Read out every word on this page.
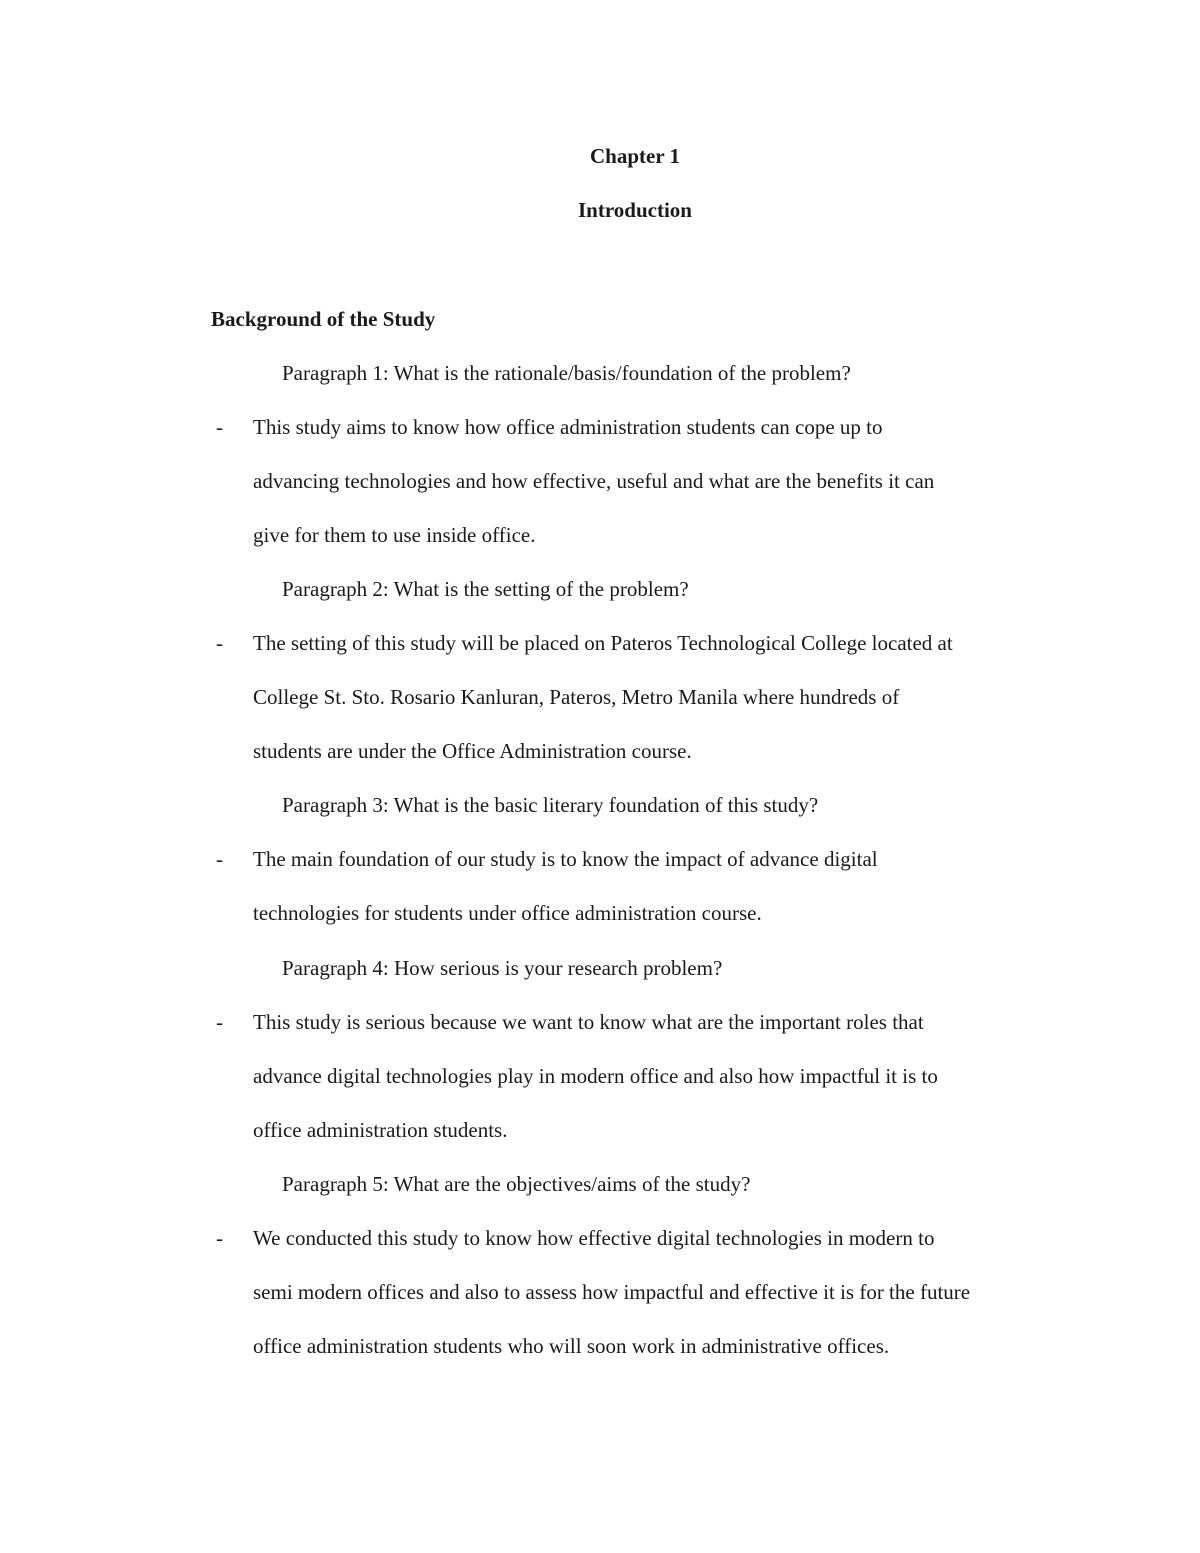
Chapter 1
Introduction
Background of the Study
Paragraph 1: What is the rationale/basis/foundation of the problem?
- This study aims to know how office administration students can cope up to
advancing technologies and how effective, useful and what are the benefits it can
give for them to use inside office.
Paragraph 2: What is the setting of the problem?
- The setting of this study will be placed on Pateros Technological College located at
College St. Sto. Rosario Kanluran, Pateros, Metro Manila where hundreds of
students are under the Office Administration course.
Paragraph 3: What is the basic literary foundation of this study?
- The main foundation of our study is to know the impact of advance digital
technologies for students under office administration course.
Paragraph 4: How serious is your research problem?
- This study is serious because we want to know what are the important roles that
advance digital technologies play in modern office and also how impactful it is to
office administration students.
Paragraph 5: What are the objectives/aims of the study?
- We conducted this study to know how effective digital technologies in modern to
semi modern offices and also to assess how impactful and effective it is for the future
office administration students who will soon work in administrative offices.
